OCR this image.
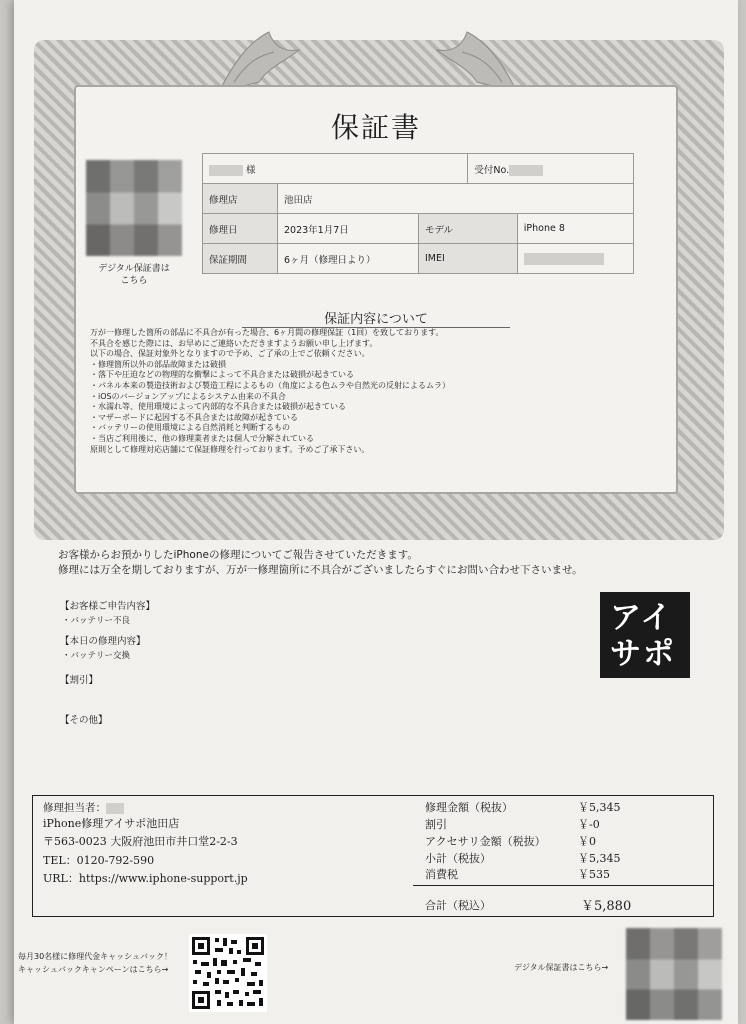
保証書
デジタル保証書は
こちら
様			受付No.	
修理店	池田店			
修理日	2023年1月7日	モデル		iPhone 8
保証期間	6ヶ月（修理日より）	IMEI		
保証内容について
万が一修理した箇所の部品に不具合が有った場合、6ヶ月間の修理保証（1回）を致しております。
不具合を感じた際には、お早めにご連絡いただきますようお願い申し上げます。
以下の場合、保証対象外となりますので予め、ご了承の上でご依頼ください。
・修理箇所以外の部品故障または破損
・落下や圧迫などの物理的な衝撃によって不具合または破損が起きている
・パネル本来の製造技術および製造工程によるもの（角度による色ムラや自然光の反射によるムラ）
・iOSのバージョンアップによるシステム由来の不具合
・水濡れ等、使用環境によって内部的な不具合または破損が起きている
・マザーボードに起因する不具合または故障が起きている
・バッテリーの使用環境による自然消耗と判断するもの
・当店ご利用後に、他の修理業者または個人で分解されている
原則として修理対応店舗にて保証修理を行っております。予めご了承下さい。
お客様からお預かりしたiPhoneの修理についてご報告させていただきます。
修理には万全を期しておりますが、万が一修理箇所に不具合がございましたらすぐにお問い合わせ下さいませ。
【お客様ご申告内容】
・バッテリー不良
【本日の修理内容】
・バッテリー交換
【割引】
【その他】
アイ
サポ
修理担当者：
iPhone修理アイサポ池田店
〒563-0023 大阪府池田市井口堂2-2-3
TEL：0120-792-590
URL：https://www.iphone-support.jp
修理金額（税抜）	￥5,345
割引	￥-0
アクセサリ金額（税抜）	￥0
小計（税抜）	￥5,345
消費税	￥535
合計（税込）	￥5,880
毎月30名様に修理代金キャッシュバック！
キャッシュバックキャンペーンはこちら→	デジタル保証書はこちら→
